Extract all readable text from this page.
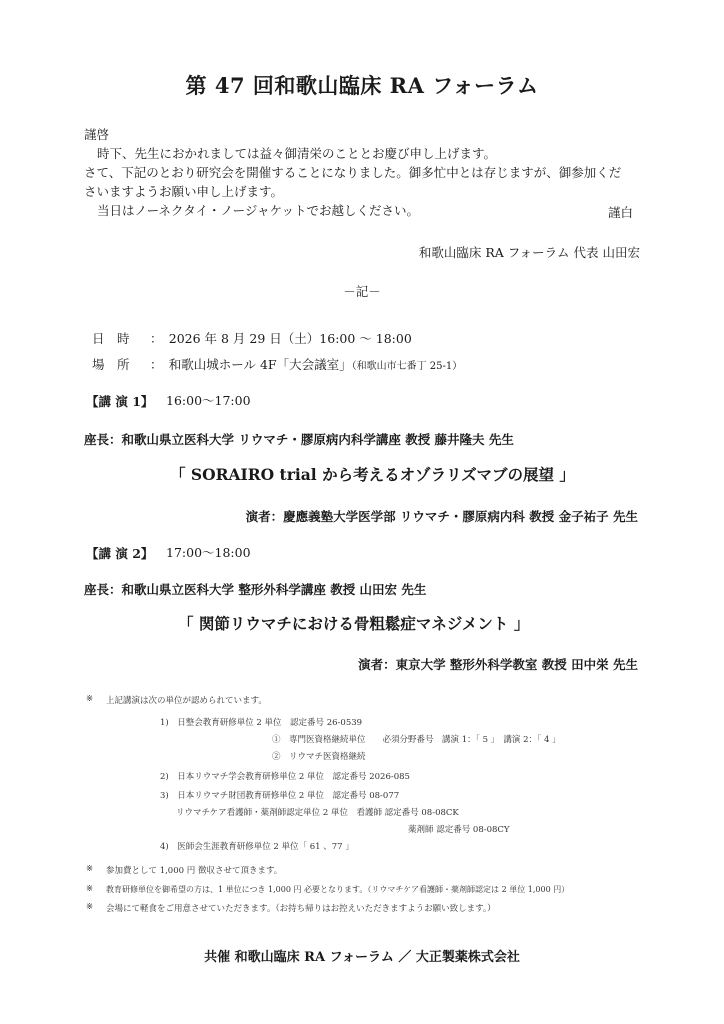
第 47 回和歌山臨床 RA フォーラム
謹啓
時下、先生におかれましては益々御清栄のこととお慶び申し上げます。
さて、下記のとおり研究会を開催することになりました。御多忙中とは存じますが、御参加くだ
さいますようお願い申し上げます。
当日はノーネクタイ・ノージャケットでお越しください。	謹白
和歌山臨床 RA フォーラム 代表 山田宏
－記－
日　時 ：　2026 年 8 月 29 日（土）16:00 〜 18:00
場　所 ：　和歌山城ホール 4F「大会議室」（和歌山市七番丁 25-1）
【講 演 1】 16:00〜17:00
座長：和歌山県立医科大学 リウマチ・膠原病内科学講座 教授 藤井隆夫 先生
「 SORAIRO trial から考えるオゾラリズマブの展望 」
演者：慶應義塾大学医学部 リウマチ・膠原病内科 教授 金子祐子 先生
【講 演 2】 17:00〜18:00
座長：和歌山県立医科大学 整形外科学講座 教授 山田宏 先生
「 関節リウマチにおける骨粗鬆症マネジメント 」
演者：東京大学 整形外科学教室 教授 田中栄 先生
※ 上記講演は次の単位が認められています。
1)　日整会教育研修単位 2 単位　認定番号 26-0539
①　専門医資格継続単位　　必須分野番号　講演 1：「 5 」　講演 2：「 4 」
②　リウマチ医資格継続
2)　日本リウマチ学会教育研修単位 2 単位　認定番号 2026-085
3)　日本リウマチ財団教育研修単位 2 単位　認定番号 08-077
リウマチケア看護師・薬剤師認定単位 2 単位　看護師 認定番号 08-08CK
薬剤師 認定番号 08-08CY
4)　医師会生涯教育研修単位 2 単位「 61 、77 」
※ 参加費として 1,000 円 徴収させて頂きます。
※ 教育研修単位を御希望の方は、1 単位につき 1,000 円 必要となります。（リウマチケア看護師・薬剤師認定は 2 単位 1,000 円）
※ 会場にて軽食をご用意させていただきます。（お持ち帰りはお控えいただきますようお願い致します。）
共催 和歌山臨床 RA フォーラム ／ 大正製薬株式会社
